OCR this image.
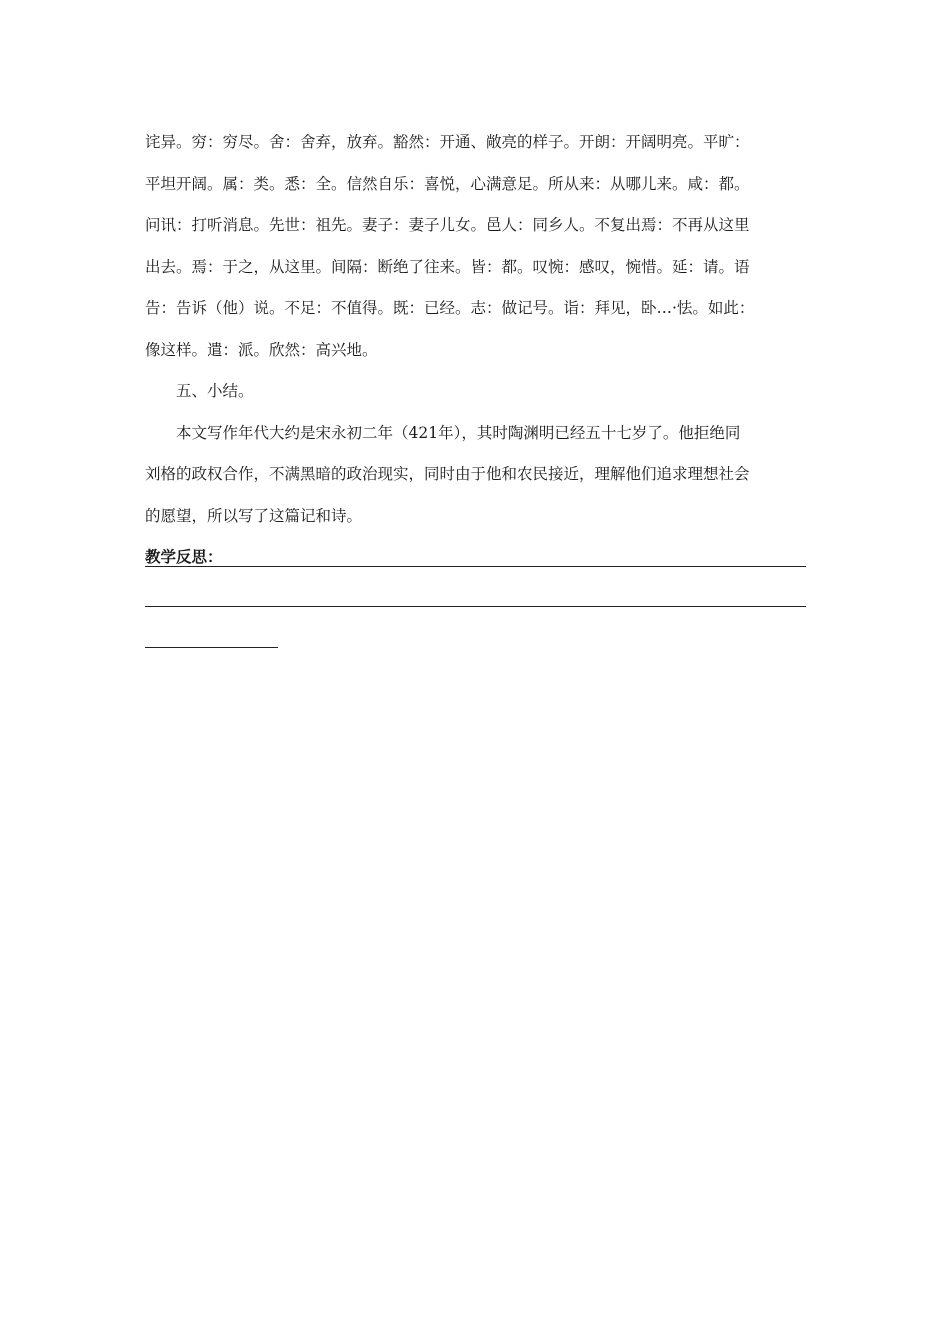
诧异。穷：穷尽。舍：舍弃，放弃。豁然：开通、敞亮的样子。开朗：开阔明亮。平旷：
平坦开阔。属：类。悉：全。信然自乐：喜悦，心满意足。所从来：从哪儿来。咸：都。
问讯：打听消息。先世：祖先。妻子：妻子儿女。邑人：同乡人。不复出焉：不再从这里
出去。焉：于之，从这里。间隔：断绝了往来。皆：都。叹惋：感叹，惋惜。延：请。语
告：告诉（他）说。不足：不值得。既：已经。志：做记号。诣：拜见，卧…·怯。如此：
像这样。遣：派。欣然：高兴地。
五、小结。
本文写作年代大约是宋永初二年（421年），其时陶渊明已经五十七岁了。他拒绝同
刘格的政权合作，不满黑暗的政治现实，同时由于他和农民接近，理解他们追求理想社会
的愿望，所以写了这篇记和诗。
教学反思：
